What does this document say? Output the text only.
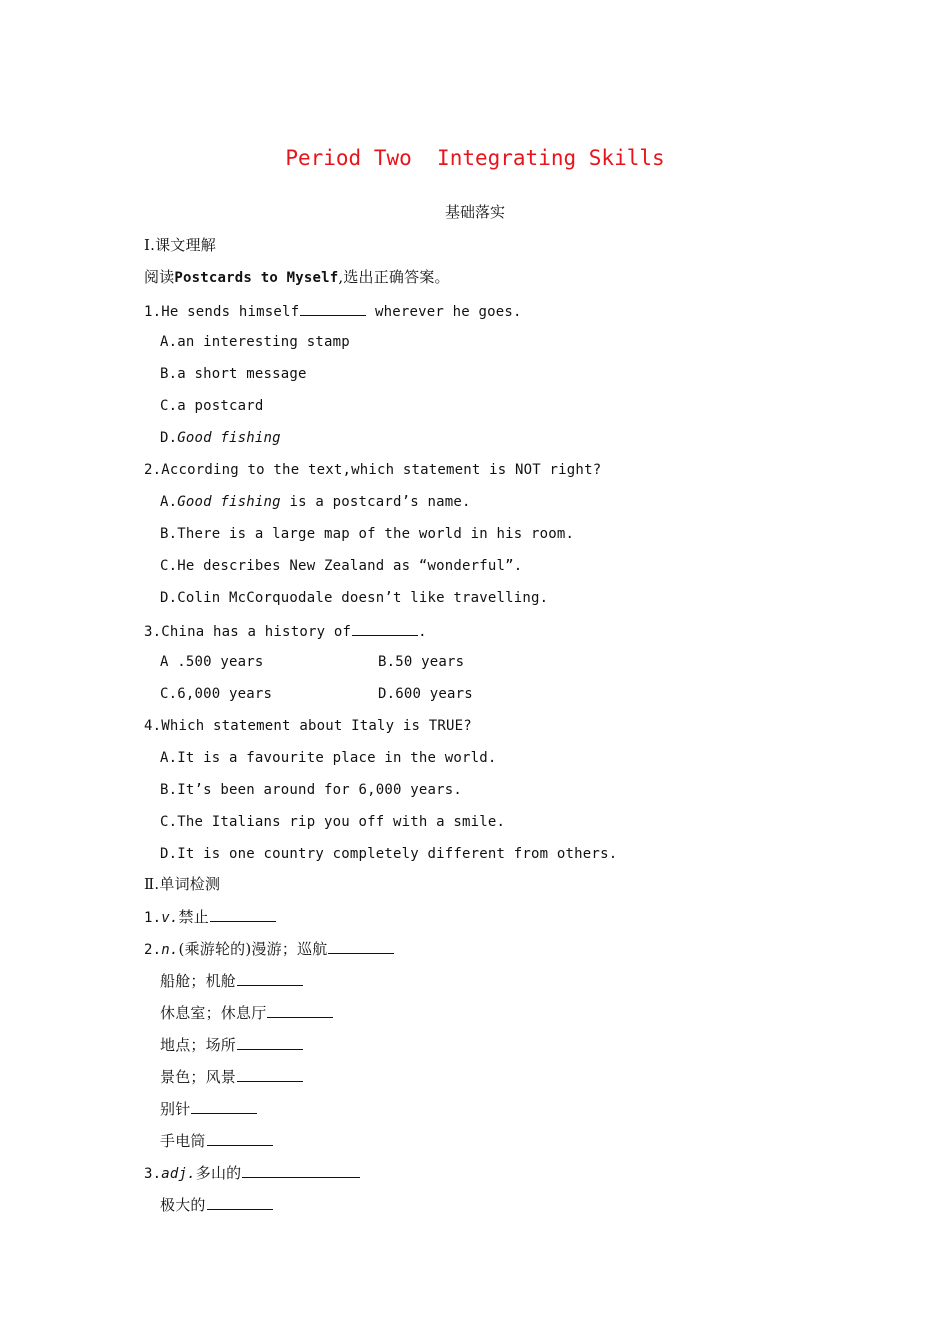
Period Two  Integrating Skills
基础落实
Ⅰ.课文理解
阅读Postcards to Myself,选出正确答案。
1.He sends himself	wherever he goes.
A.an interesting stamp
B.a short message
C.a postcard
D.Good fishing
2.According to the text,which statement is NOT right?
A.Good fishing is a postcard’s name.
B.There is a large map of the world in his room.
C.He describes New Zealand as “wonderful”.
D.Colin McCorquodale doesn’t like travelling.
3.China has a history of	.
A .500 years	B.50 years
C.6,000 years	D.600 years
4.Which statement about Italy is TRUE?
A.It is a favourite place in the world.
B.It’s been around for 6,000 years.
C.The Italians rip you off with a smile.
D.It is one country completely different from others.
Ⅱ.单词检测
1.v.禁止
2.n.(乘游轮的)漫游；巡航
船舱；机舱
休息室；休息厅
地点；场所
景色；风景
别针
手电筒
3.adj.多山的
极大的
